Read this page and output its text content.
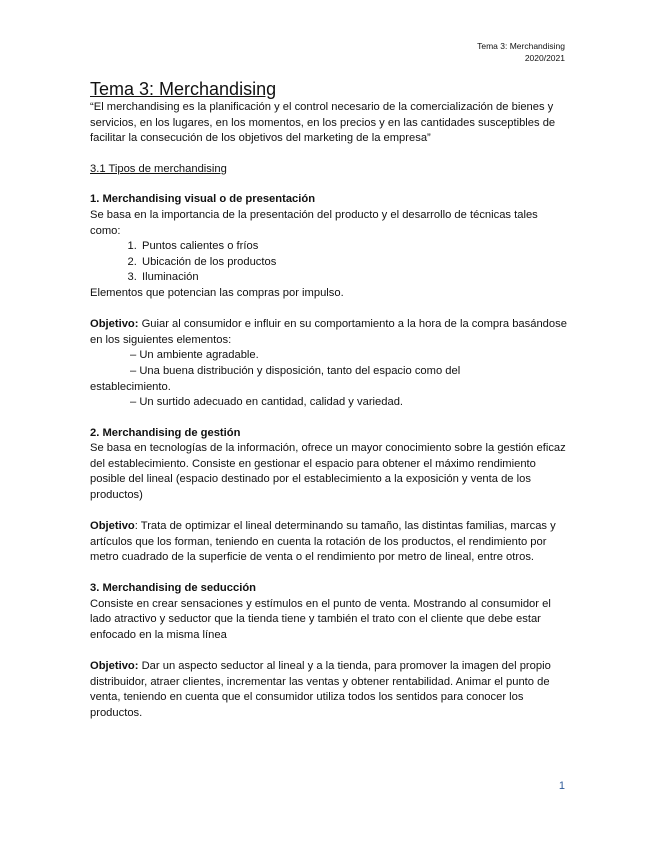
Tema 3: Merchandising
2020/2021
Tema 3: Merchandising

“El merchandising es la planificación y el control necesario de la comercialización de bienes y servicios, en los lugares, en los momentos, en los precios y en las cantidades susceptibles de facilitar la consecución de los objetivos del marketing de la empresa”

3.1 Tipos de merchandising
1. Merchandising visual o de presentación

Se basa en la importancia de la presentación del producto y el desarrollo de técnicas tales como:

1. Puntos calientes o fríos
2. Ubicación de los productos
3. Iluminación

Elementos que potencian las compras por impulso.

Objetivo: Guiar al consumidor e influir en su comportamiento a la hora de la compra basándose en los siguientes elementos:

– Un ambiente agradable.

– Una buena distribución y disposición, tanto del espacio como del

establecimiento.

– Un surtido adecuado en cantidad, calidad y variedad.

2. Merchandising de gestión

Se basa en tecnologías de la información, ofrece un mayor conocimiento sobre la gestión eficaz del establecimiento. Consiste en gestionar el espacio para obtener el máximo rendimiento posible del lineal (espacio destinado por el establecimiento a la exposición y venta de los productos)

Objetivo: Trata de optimizar el lineal determinando su tamaño, las distintas familias, marcas y artículos que los forman, teniendo en cuenta la rotación de los productos, el rendimiento por metro cuadrado de la superficie de venta o el rendimiento por metro de lineal, entre otros.

3. Merchandising de seducción

Consiste en crear sensaciones y estímulos en el punto de venta. Mostrando al consumidor el lado atractivo y seductor que la tienda tiene y también el trato con el cliente que debe estar enfocado en la misma línea

Objetivo: Dar un aspecto seductor al lineal y a la tienda, para promover la imagen del propio distribuidor, atraer clientes, incrementar las ventas y obtener rentabilidad. Animar el punto de venta, teniendo en cuenta que el consumidor utiliza todos los sentidos para conocer los productos.

1
